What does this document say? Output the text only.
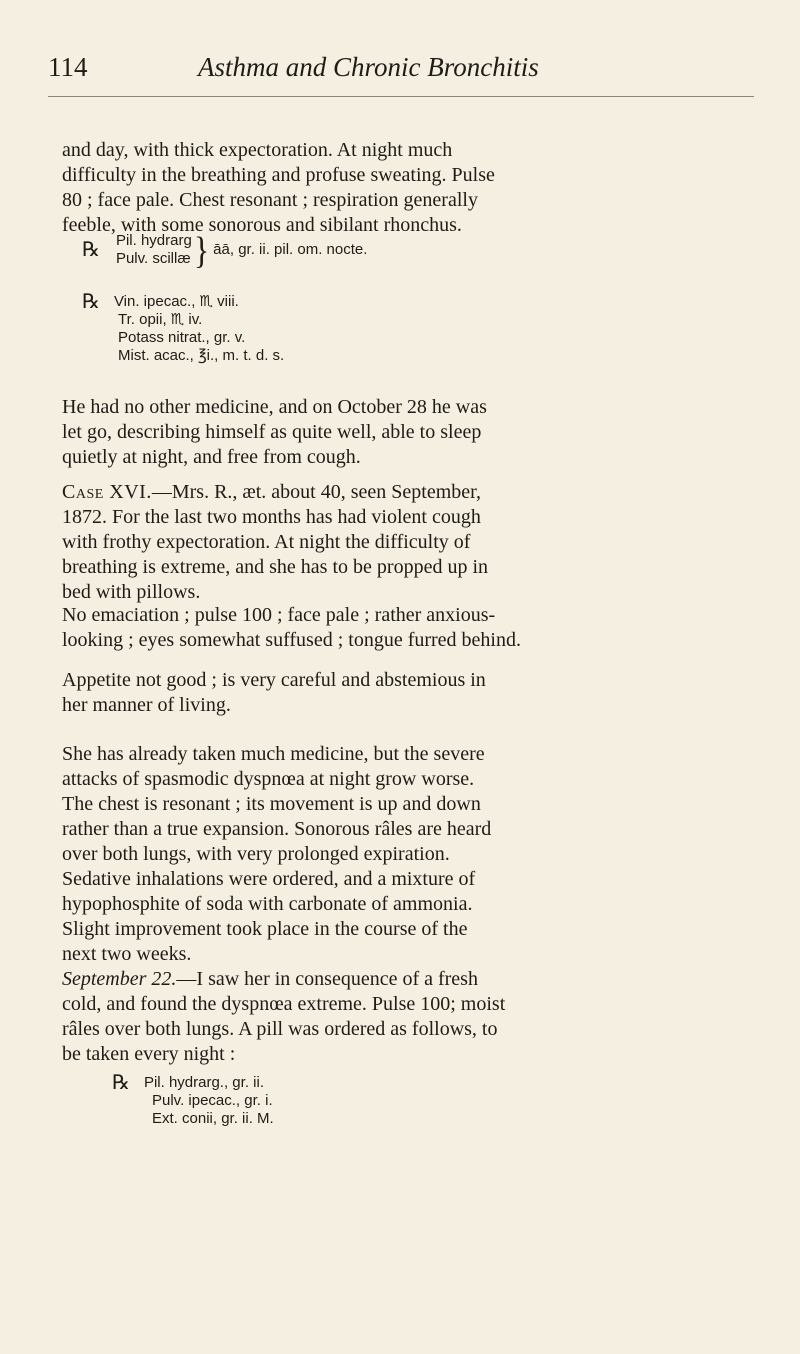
114	Asthma and Chronic Bronchitis
and day, with thick expectoration. At night much
difficulty in the breathing and profuse sweating. Pulse
80 ; face pale. Chest resonant ; respiration generally
feeble, with some sonorous and sibilant rhonchus.
℞ Pil. hydrarg
Pulv. scillæ } āā, gr. ii. pil. om. nocte.
℞ Vin. ipecac., ♏ viii.
Tr. opii, ♏ iv.
Potass nitrat., gr. v.
Mist. acac., ℥i., m. t. d. s.
He had no other medicine, and on October 28 he was
let go, describing himself as quite well, able to sleep
quietly at night, and free from cough.
Case XVI.—Mrs. R., æt. about 40, seen September,
1872. For the last two months has had violent cough
with frothy expectoration. At night the difficulty of
breathing is extreme, and she has to be propped up in
bed with pillows.
No emaciation ; pulse 100 ; face pale ; rather anxious-
looking ; eyes somewhat suffused ; tongue furred behind.
Appetite not good ; is very careful and abstemious in
her manner of living.
She has already taken much medicine, but the severe
attacks of spasmodic dyspnœa at night grow worse.
The chest is resonant ; its movement is up and down
rather than a true expansion. Sonorous râles are heard
over both lungs, with very prolonged expiration.
Sedative inhalations were ordered, and a mixture of
hypophosphite of soda with carbonate of ammonia.
Slight improvement took place in the course of the
next two weeks.
September 22.—I saw her in consequence of a fresh
cold, and found the dyspnœa extreme. Pulse 100; moist
râles over both lungs. A pill was ordered as follows, to
be taken every night :
℞ Pil. hydrarg., gr. ii.
Pulv. ipecac., gr. i.
Ext. conii, gr. ii. M.
